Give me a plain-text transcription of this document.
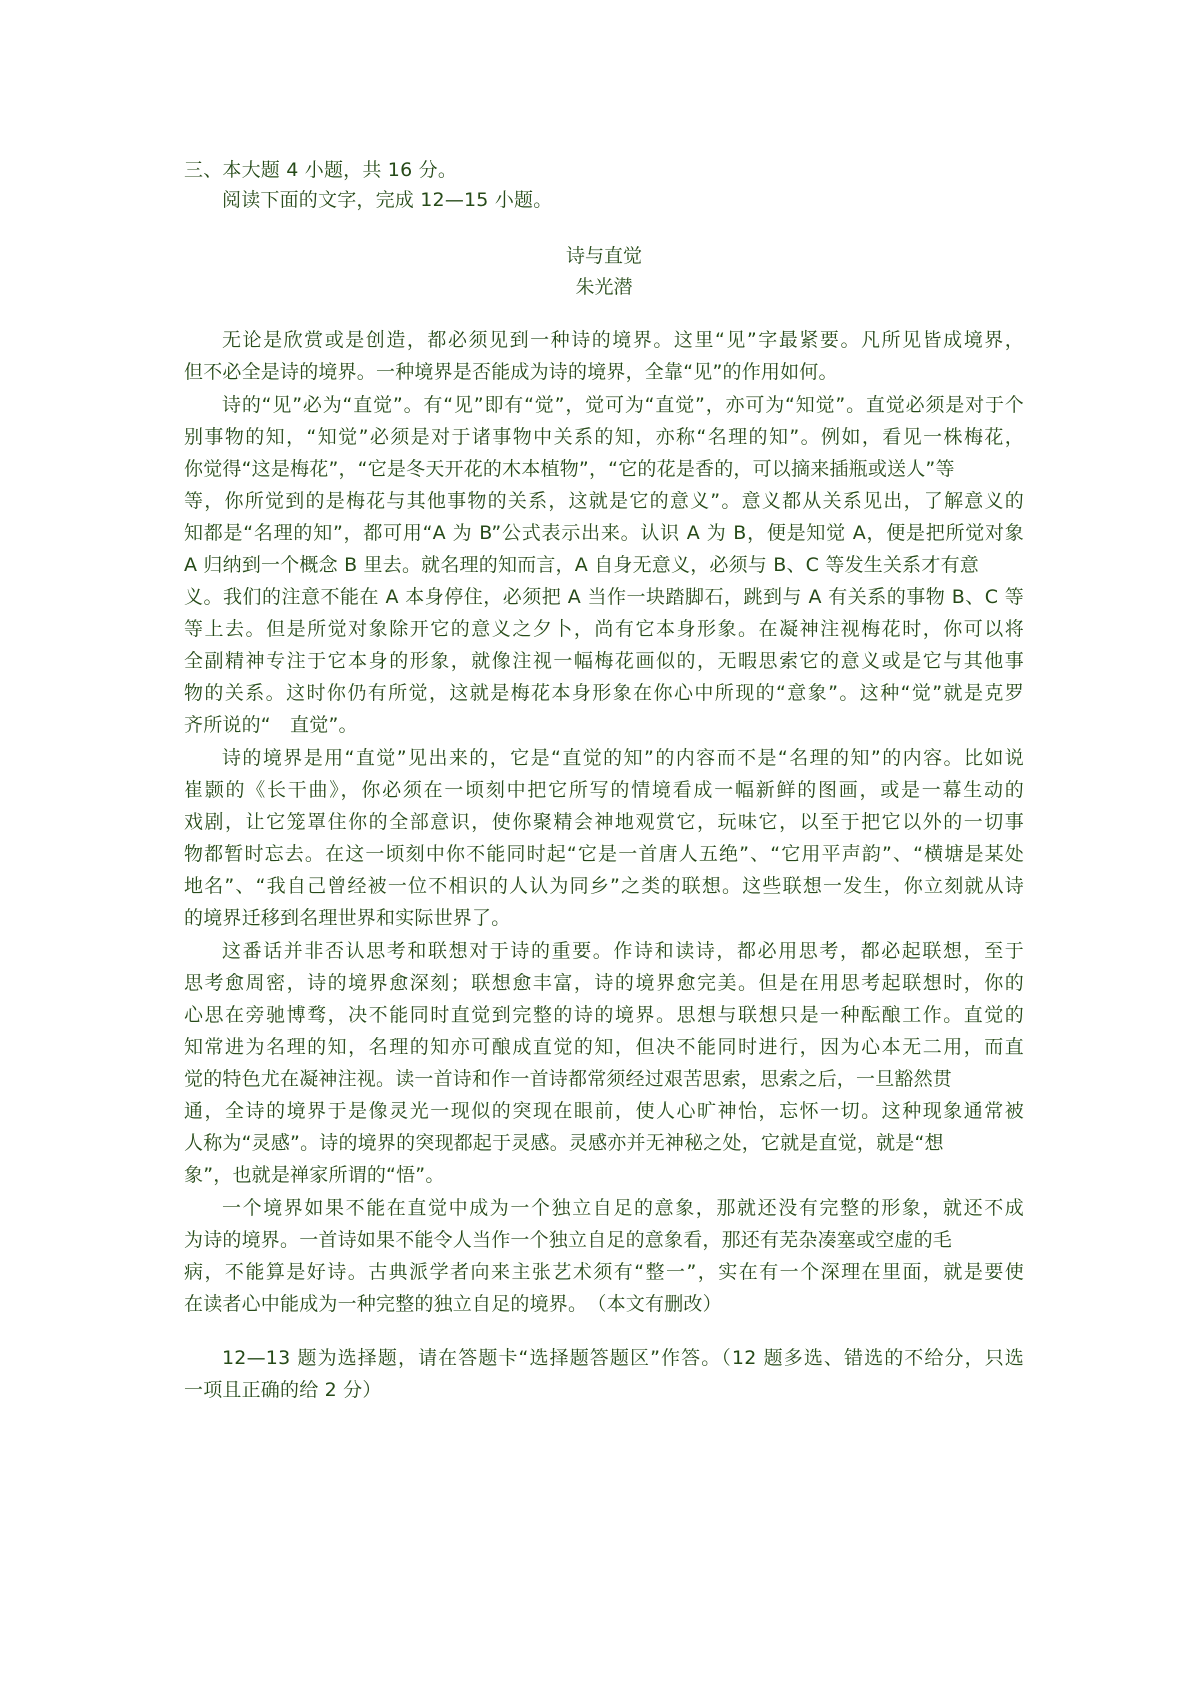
三、本大题 4 小题，共 16 分。
阅读下面的文字，完成 12—15 小题。
诗与直觉
朱光潜
无论是欣赏或是创造，都必须见到一种诗的境界。这里“见”字最紧要。凡所见皆成境界，
但不必全是诗的境界。一种境界是否能成为诗的境界，全靠“见”的作用如何。
诗的“见”必为“直觉”。有“见”即有“觉”，觉可为“直觉”，亦可为“知觉”。直觉必须是对于个
别事物的知，“知觉”必须是对于诸事物中关系的知，亦称“名理的知”。例如，看见一株梅花，
你觉得“这是梅花”，“它是冬天开花的木本植物”，“它的花是香的，可以摘来插瓶或送人”等
等，你所觉到的是梅花与其他事物的关系，这就是它的意义”。意义都从关系见出，了解意义的
知都是“名理的知”，都可用“A 为 B”公式表示出来。认识 A 为 B，便是知觉 A，便是把所觉对象
A 归纳到一个概念 B 里去。就名理的知而言，A 自身无意义，必须与 B、C 等发生关系才有意
义。我们的注意不能在 A 本身停住，必须把 A 当作一块踏脚石，跳到与 A 有关系的事物 B、C 等
等上去。但是所觉对象除开它的意义之夕卜，尚有它本身形象。在凝神注视梅花时，你可以将
全副精神专注于它本身的形象，就像注视一幅梅花画似的，无暇思索它的意义或是它与其他事
物的关系。这时你仍有所觉，这就是梅花本身形象在你心中所现的“意象”。这种“觉”就是克罗
齐所说的“　直觉”。
诗的境界是用“直觉”见出来的，它是“直觉的知”的内容而不是“名理的知”的内容。比如说
崔颢的《长干曲》，你必须在一顷刻中把它所写的情境看成一幅新鲜的图画，或是一幕生动的
戏剧，让它笼罩住你的全部意识，使你聚精会神地观赏它，玩味它，以至于把它以外的一切事
物都暂时忘去。在这一顷刻中你不能同时起“它是一首唐人五绝”、“它用平声韵”、“横塘是某处
地名”、“我自己曾经被一位不相识的人认为同乡”之类的联想。这些联想一发生，你立刻就从诗
的境界迁移到名理世界和实际世界了。
这番话并非否认思考和联想对于诗的重要。作诗和读诗，都必用思考，都必起联想，至于
思考愈周密，诗的境界愈深刻；联想愈丰富，诗的境界愈完美。但是在用思考起联想时，你的
心思在旁驰博骛，决不能同时直觉到完整的诗的境界。思想与联想只是一种酝酿工作。直觉的
知常进为名理的知，名理的知亦可酿成直觉的知，但决不能同时进行，因为心本无二用，而直
觉的特色尤在凝神注视。读一首诗和作一首诗都常须经过艰苦思索，思索之后，一旦豁然贯
通，全诗的境界于是像灵光一现似的突现在眼前，使人心旷神怡，忘怀一切。这种现象通常被
人称为“灵感”。诗的境界的突现都起于灵感。灵感亦并无神秘之处，它就是直觉，就是“想
象”，也就是禅家所谓的“悟”。
一个境界如果不能在直觉中成为一个独立自足的意象，那就还没有完整的形象，就还不成
为诗的境界。一首诗如果不能令人当作一个独立自足的意象看，那还有芜杂凑塞或空虚的毛
病，不能算是好诗。古典派学者向来主张艺术须有“整一”，实在有一个深理在里面，就是要使
在读者心中能成为一种完整的独立自足的境界。　（本文有删改）
12—13 题为选择题，请在答题卡“选择题答题区”作答。（12 题多选、错选的不给分，只选
一项且正确的给 2 分）
